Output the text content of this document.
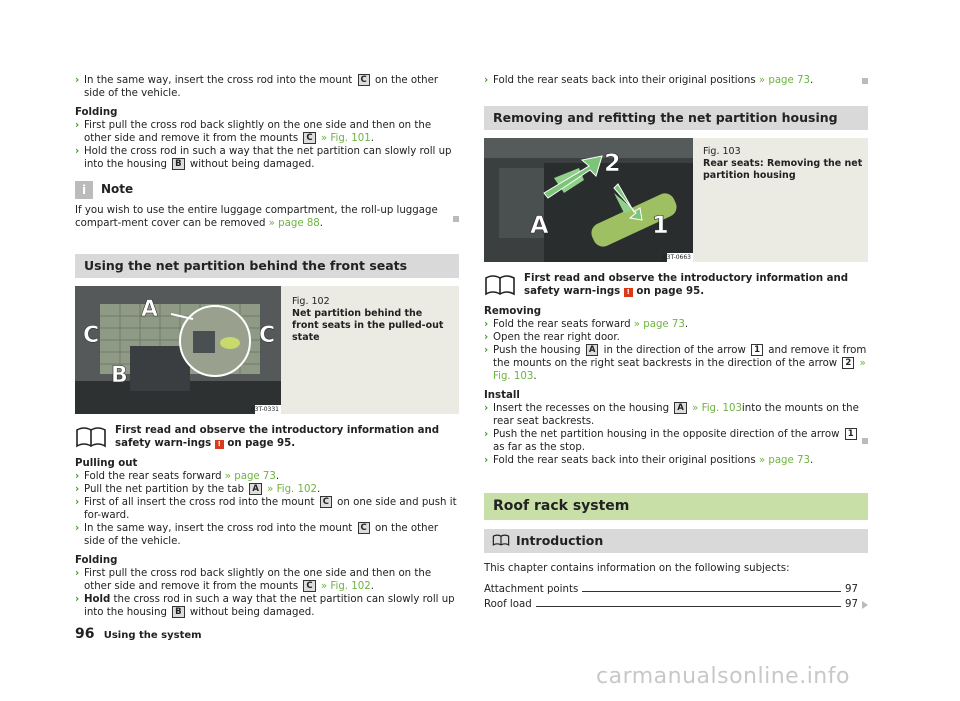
› In the same way, insert the cross rod into the mount C on the other side of the vehicle.

Folding

› First pull the cross rod back slightly on the one side and then on the other side and remove it from the mounts C » Fig. 101.

› Hold the cross rod in such a way that the net partition can slowly roll up into the housing B without being damaged.

i Note

If you wish to use the entire luggage compartment, the roll-up luggage compart-ment cover can be removed » page 88.

Using the net partition behind the front seats
A
C	C
B
B3T-0331

Fig. 102

Net partition behind the front seats in the pulled-out state

First read and observe the introductory information and safety warn-ings ! on page 95.

Pulling out

› Fold the rear seats forward » page 73.

› Pull the net partition by the tab A » Fig. 102.

› First of all insert the cross rod into the mount C on one side and push it for-ward.

› In the same way, insert the cross rod into the mount C on the other side of the vehicle.

Folding

› First pull the cross rod back slightly on the one side and then on the other side and remove it from the mounts C » Fig. 102.

› Hold the cross rod in such a way that the net partition can slowly roll up into the housing B without being damaged.

› Fold the rear seats back into their original positions » page 73.

Removing and refitting the net partition housing
2
A	1
B3T-0663

Fig. 103

Rear seats: Removing the net partition housing

First read and observe the introductory information and safety warn-ings ! on page 95.

Removing

› Fold the rear seats forward » page 73.

› Open the rear right door.

› Push the housing A in the direction of the arrow 1 and remove it from the mounts on the right seat backrests in the direction of the arrow 2 » Fig. 103.

Install

› Insert the recesses on the housing A » Fig. 103into the mounts on the rear seat backrests.

› Push the net partition housing in the opposite direction of the arrow 1 as far as the stop.

› Fold the rear seats back into their original positions » page 73.

Roof rack system
Introduction

This chapter contains information on the following subjects:

Attachment points	97
Roof load	97
96 Using the system
carmanualsonline.info
